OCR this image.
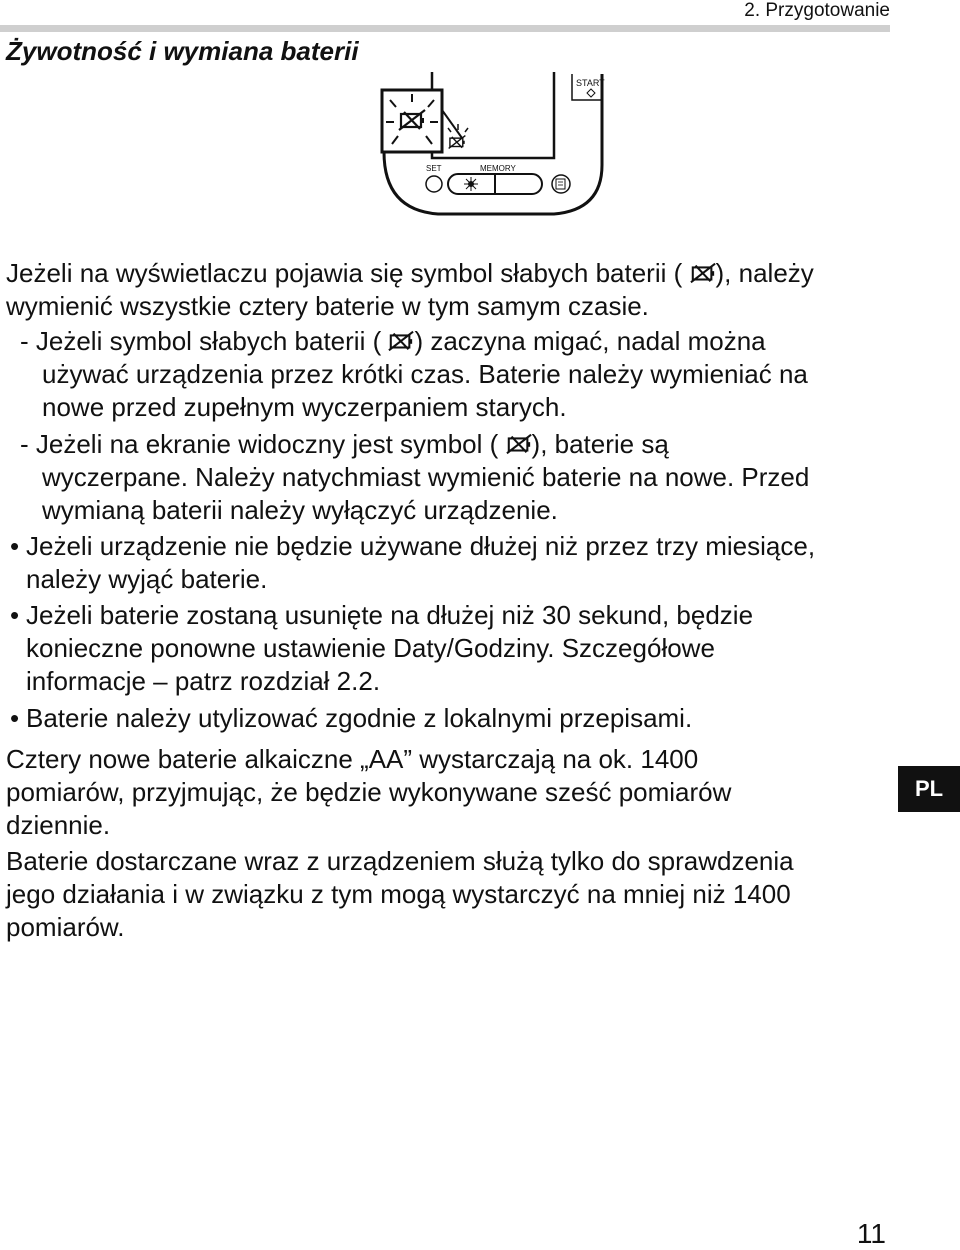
2. Przygotowanie
Żywotność i wymiana baterii
START
SET	MEMORY
Jeżeli na wyświetlaczu pojawia się symbol słabych baterii ( ), należy
wymienić wszystkie cztery baterie w tym samym czasie.
- Jeżeli symbol słabych baterii ( ) zaczyna migać, nadal można
używać urządzenia przez krótki czas. Baterie należy wymieniać na
nowe przed zupełnym wyczerpaniem starych.
- Jeżeli na ekranie widoczny jest symbol ( ), baterie są
wyczerpane. Należy natychmiast wymienić baterie na nowe. Przed
wymianą baterii należy wyłączyć urządzenie.
• Jeżeli urządzenie nie będzie używane dłużej niż przez trzy miesiące,
należy wyjąć baterie.
• Jeżeli baterie zostaną usunięte na dłużej niż 30 sekund, będzie
konieczne ponowne ustawienie Daty/Godziny. Szczegółowe
informacje – patrz rozdział 2.2.
• Baterie należy utylizować zgodnie z lokalnymi przepisami.
Cztery nowe baterie alkaiczne „AA” wystarczają na ok. 1400
pomiarów, przyjmując, że będzie wykonywane sześć pomiarów
dziennie.
Baterie dostarczane wraz z urządzeniem służą tylko do sprawdzenia
jego działania i w związku z tym mogą wystarczyć na mniej niż 1400
pomiarów.
PL
11
